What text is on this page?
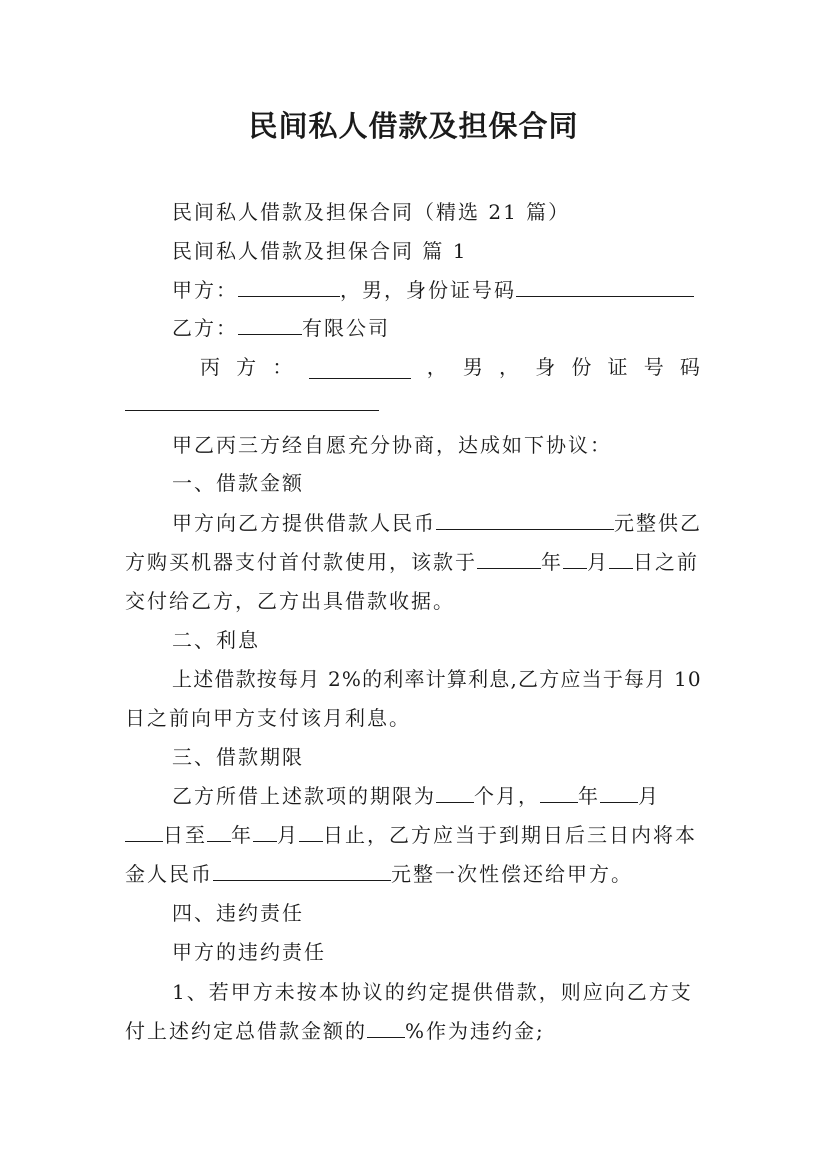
民间私人借款及担保合同

民间私人借款及担保合同（精选 21 篇）

民间私人借款及担保合同 篇 1

甲方：	，男，身份证号码

乙方：	有限公司

丙 方 ：	， 男 ， 身 份 证 号 码

甲乙丙三方经自愿充分协商，达成如下协议：

一、借款金额

甲方向乙方提供借款人民币	元整供乙

方购买机器支付首付款使用，该款于	年 月 日之前

交付给乙方，乙方出具借款收据。

二、利息

上述借款按每月 2%的利率计算利息,乙方应当于每月 10

日之前向甲方支付该月利息。

三、借款期限

乙方所借上述款项的期限为 个月， 年 月

日至 年 月 日止，乙方应当于到期日后三日内将本

金人民币	元整一次性偿还给甲方。

四、违约责任

甲方的违约责任

1、若甲方未按本协议的约定提供借款，则应向乙方支

付上述约定总借款金额的 %作为违约金;
